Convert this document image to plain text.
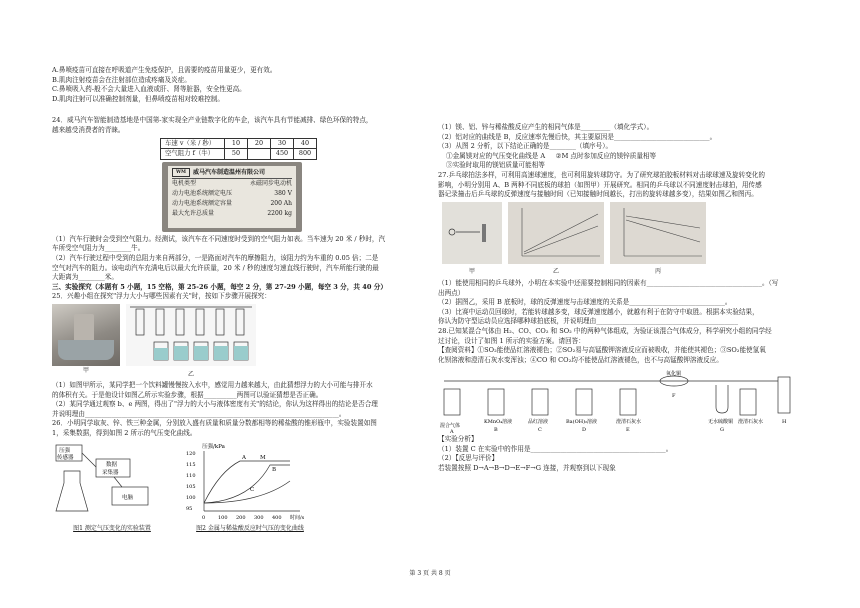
A.鼻喷疫苗可直接在呼吸道产生免疫保护，且需要的疫苗用量更少，更有效。

B.肌肉注射疫苗会在注射部位造成疼痛及炎症。

C.鼻喷吸入药-般不会大量进入血液或肝、肾等脏器，安全性更高。

D.肌肉注射可以准确控制剂量，但鼻喷疫苗相对较难控制。

24．威马汽车智能制造基地是中国第-家实现全产业链数字化的车企，该汽车具有节能减排、绿色环保的特点，
越来越受消费者的青睐。

车速 v（米 / 秒）	10	20	30	40
空气阻力 f（牛）	50		450	800
WM	威马汽车制造温州有限公司
电机类型	永磁同步电动机
动力电池系统额定电压	380 V
动力电池系统额定容量	200 Ah
最大允许总质量	2200 kg

（1）汽车行驶时会受到空气阻力。经测试，该汽车在不同速度时受到的空气阻力如表。当车速为 20 米 / 秒时，汽
车所受空气阻力为________牛。

（2）汽车行驶过程中受到的总阻力来自两部分，一是路面对汽车的摩擦阻力，该阻力约为车重的 0.05 倍；二是
空气对汽车的阻力。该电动汽车充满电后以最大允许质量，20 米 / 秒的速度匀速直线行驶时，汽车所能行驶的最
大距离为________米。

三、实验探究（本题有 5 小题，15 空格，第 25-26 小题，每空 2 分，第 27-29 小题，每空 3 分，共 40 分）

25．兴趣小组在探究"浮力大小与哪些因素有关"时，按如下步骤开展探究：

甲
乙

（1）如图甲所示，某同学把一个饮料罐慢慢按入水中，感觉用力越来越大，由此猜想浮力的大小可能与排开水
的体积有关。于是他设计如图乙所示实验步骤，根据__________两图可以验证猜想是否正确。

（2）某同学通过观察 b、e 两图，得出了"浮力的大小与液体密度有关"的结论，你认为这样得出的结论是否合理
并说明理由_____________________________________________________________________________。

26．小明同学取灰、锌、铁三种金属，分别放入盛有质量和质量分数都相等的稀盐酸的锥形瓶中，实验装置如图
1，采集数据，得到如图 2 所示的气压变化曲线。

压强
传感器
数据
采集器
电脑
图1 测定气压变化的实验装置
压强/kPa
120
115
110
105
100
95
0	100 200 300 400 时间/s
A
B
C
M
图2 金属与稀盐酸反应时气压的变化曲线

（1）镁、铝、锌与稀盐酸反应产生的相同气体是_________（填化学式）。

（2）铝对应的曲线是 B，反应速率先慢后快，其主要原因是_____________________________。

（3）从图 2 分析，以下结论正确的是________（填序号）。

①金属镁对应的气压变化曲线是 A ②M 点时参加反应的镁锌质量相等
③实验时取用的镁铝质量可能相等

27.乒乓球拍法多样，可利用高速球速度，也可利用旋转球防守。为了研究球拍胶板材料对击球球速及旋转变化的
影响，小明分别用 A、B 两种不同底板的球拍（如图甲）开展研究。相同的乒乓球以不同速度射击球拍，用传感
器记录撞击后乒乓球的反弹速度与接触时间（已知接触时间越长，打出的旋转球越多变），结果如图乙和图丙。

甲	乙	丙

（1）能使用相同的乒乓球外，小明在本实验中还需要控制相同的因素有___________________________________。（写
出两点）

（2）据图乙，采用 B 底板时，球的反弹速度与击球速度的关系是_____________________________。

（3）比赛中运动员回球时，若能转球越多变，球反弹速度越小，就越有利于在防守中取胜。根据本实验结果，
你认为防守型运动员应选择哪种球拍底板，并说明理由___________________________________________

28.已知某混合气体由 H₂、CO、CO₂ 和 SO₂ 中的两种气体组成，为验证该混合气体成分，科学研究小组的同学经
过讨论，设计了如图 1 所示的实验方案。请回答：

【查阅资料】①SO₂能使品红溶液褪色；②SO₂易与高锰酸钾溶液反应而被吸收，并能使其褪色；③SO₂能使氢氧
化钡溶液和澄清石灰水变浑浊；④CO 和 CO₂均不能使品红溶液褪色，也不与高锰酸钾溶液反应。

混合气体
KMnO₄溶液	品红溶液	Ba(OH)₂溶液	澄清石灰水
氧化铜
无水硫酸铜 澄清石灰水
A	B	C	D	E
F
G
H

【实验分析】

（1）装置 C 在实验中的作用是_________________________________________。

（2）【反思与评价】

若装置按照 D→A→B→D→E→F→G 连接，并观察到以下现象

第 3 页 共 8 页
